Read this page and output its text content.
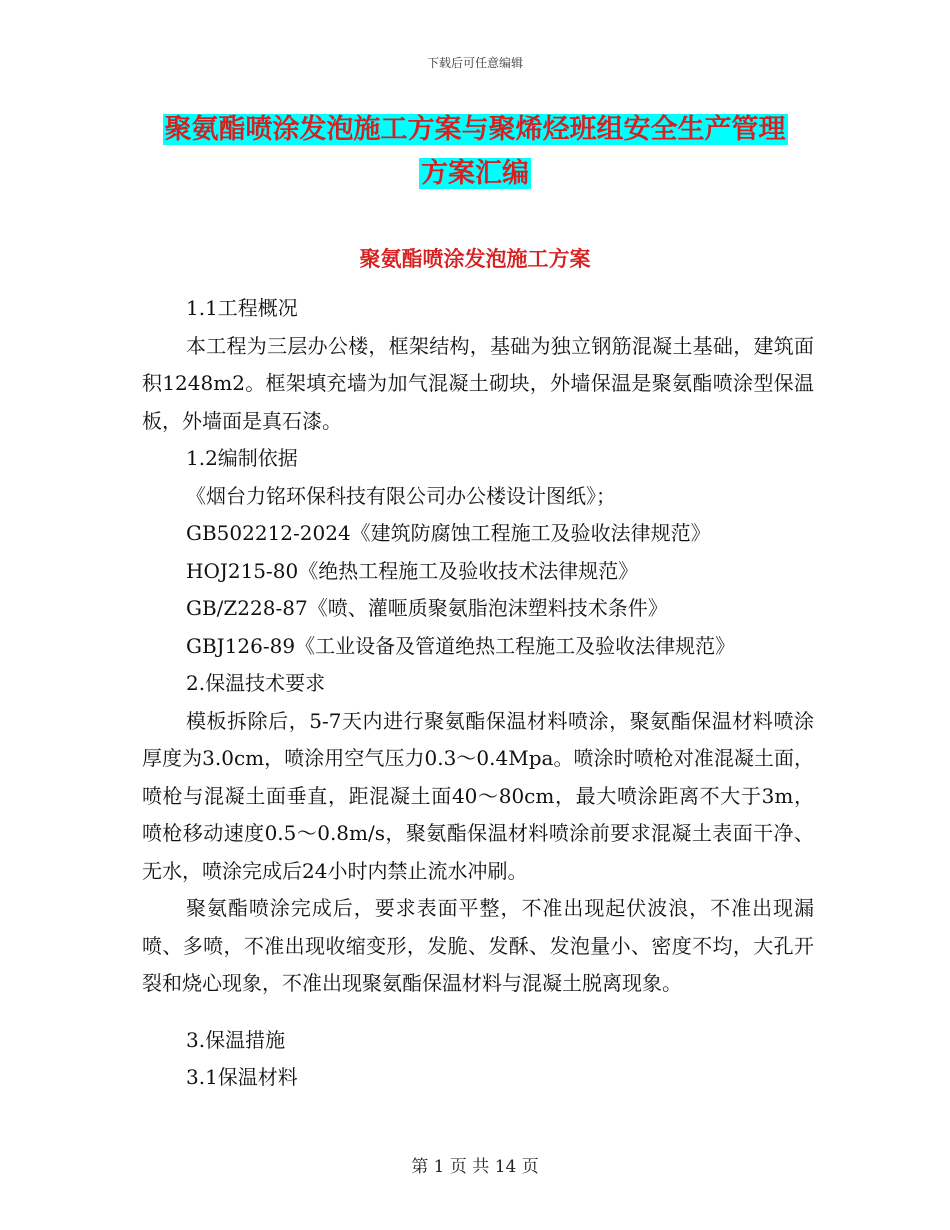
下载后可任意编辑
聚氨酯喷涂发泡施工方案与聚烯烃班组安全生产管理
方案汇编
聚氨酯喷涂发泡施工方案

1.1工程概况

本工程为三层办公楼，框架结构，基础为独立钢筋混凝土基础，建筑面积1248m2。框架填充墙为加气混凝土砌块，外墙保温是聚氨酯喷涂型保温板，外墙面是真石漆。

1.2编制依据

《烟台力铭环保科技有限公司办公楼设计图纸》；

GB502212-2024《建筑防腐蚀工程施工及验收法律规范》

HOJ215-80《绝热工程施工及验收技术法律规范》

GB/Z228-87《喷、灌咂质聚氨脂泡沫塑料技术条件》

GBJ126-89《工业设备及管道绝热工程施工及验收法律规范》

2.保温技术要求

模板拆除后，5-7天内进行聚氨酯保温材料喷涂，聚氨酯保温材料喷涂厚度为3.0cm，喷涂用空气压力0.3～0.4Mpa。喷涂时喷枪对准混凝土面，喷枪与混凝土面垂直，距混凝土面40～80cm，最大喷涂距离不大于3m，喷枪移动速度0.5～0.8m/s，聚氨酯保温材料喷涂前要求混凝土表面干净、无水，喷涂完成后24小时内禁止流水冲刷。

聚氨酯喷涂完成后，要求表面平整，不准出现起伏波浪，不准出现漏喷、多喷，不准出现收缩变形，发脆、发酥、发泡量小、密度不均，大孔开裂和烧心现象，不准出现聚氨酯保温材料与混凝土脱离现象。

3.保温措施

3.1保温材料

第 1 页 共 14 页
